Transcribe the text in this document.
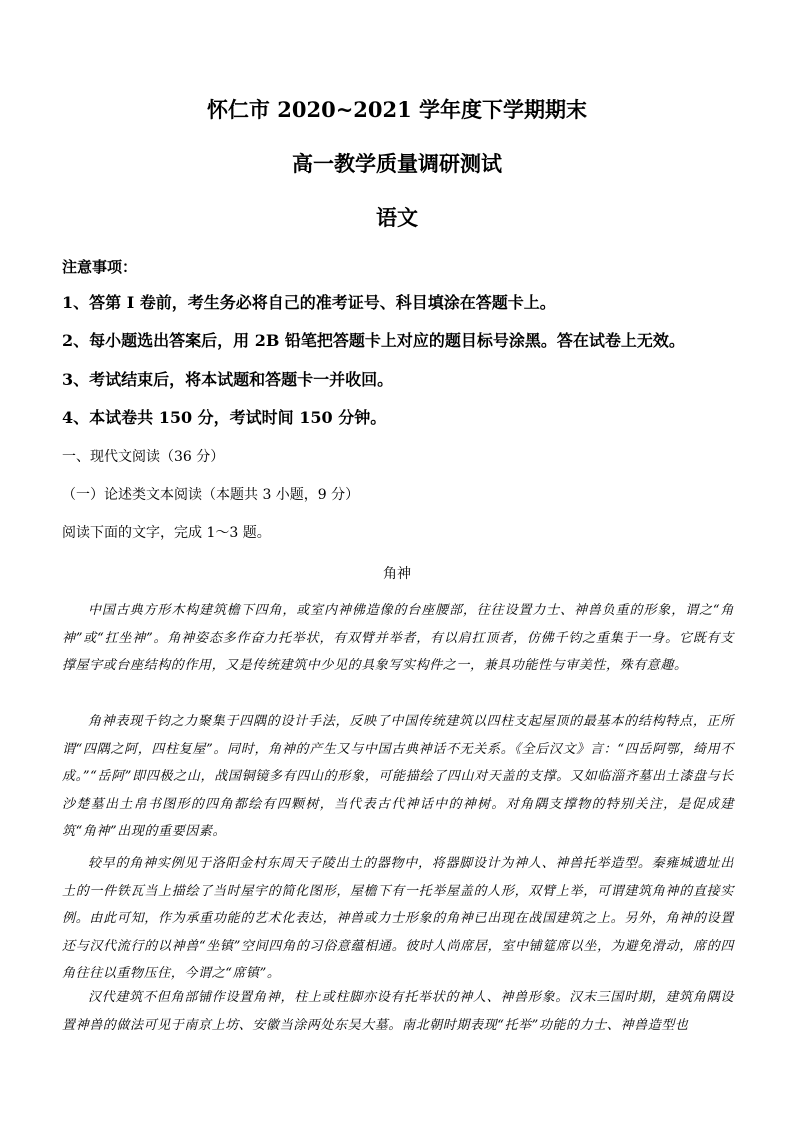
怀仁市 2020~2021 学年度下学期期末
高一教学质量调研测试
语文
注意事项：
1、答第 I 卷前，考生务必将自己的准考证号、科目填涂在答题卡上。
2、每小题选出答案后，用 2B 铅笔把答题卡上对应的题目标号涂黑。答在试卷上无效。
3、考试结束后，将本试题和答题卡一并收回。
4、本试卷共 150 分，考试时间 150 分钟。
一、现代文阅读（36 分）
（一）论述类文本阅读（本题共 3 小题，9 分）
阅读下面的文字，完成 1～3 题。
角神

中国古典方形木构建筑檐下四角，或室内神佛造像的台座腰部，往往设置力士、神兽负重的形象，谓之“角神”或“扛坐神”。角神姿态多作奋力托举状，有双臂并举者，有以肩扛顶者，仿佛千钧之重集于一身。它既有支撑屋宇或台座结构的作用，又是传统建筑中少见的具象写实构件之一，兼具功能性与审美性，殊有意趣。

角神表现千钧之力聚集于四隅的设计手法，反映了中国传统建筑以四柱支起屋顶的最基本的结构特点，正所谓“四隅之阿，四柱复屋”。同时，角神的产生又与中国古典神话不无关系。《全后汉文》言：“四岳阿鄂，绮用不成。”“岳阿”即四极之山，战国铜镜多有四山的形象，可能描绘了四山对天盖的支撑。又如临淄齐墓出土漆盘与长沙楚墓出土帛书图形的四角都绘有四颗树，当代表古代神话中的神树。对角隅支撑物的特别关注，是促成建筑“角神”出现的重要因素。

较早的角神实例见于洛阳金村东周天子陵出土的器物中，将器脚设计为神人、神兽托举造型。秦雍城遗址出土的一件铁瓦当上描绘了当时屋宇的简化图形，屋檐下有一托举屋盖的人形，双臂上举，可谓建筑角神的直接实例。由此可知，作为承重功能的艺术化表达，神兽或力士形象的角神已出现在战国建筑之上。另外，角神的设置还与汉代流行的以神兽“坐镇”空间四角的习俗意蕴相通。彼时人尚席居，室中铺筵席以坐，为避免滑动，席的四角往往以重物压住，今谓之“席镇”。

汉代建筑不但角部铺作设置角神，柱上或柱脚亦设有托举状的神人、神兽形象。汉末三国时期，建筑角隅设置神兽的做法可见于南京上坊、安徽当涂两处东吴大墓。南北朝时期表现“托举”功能的力士、神兽造型也
